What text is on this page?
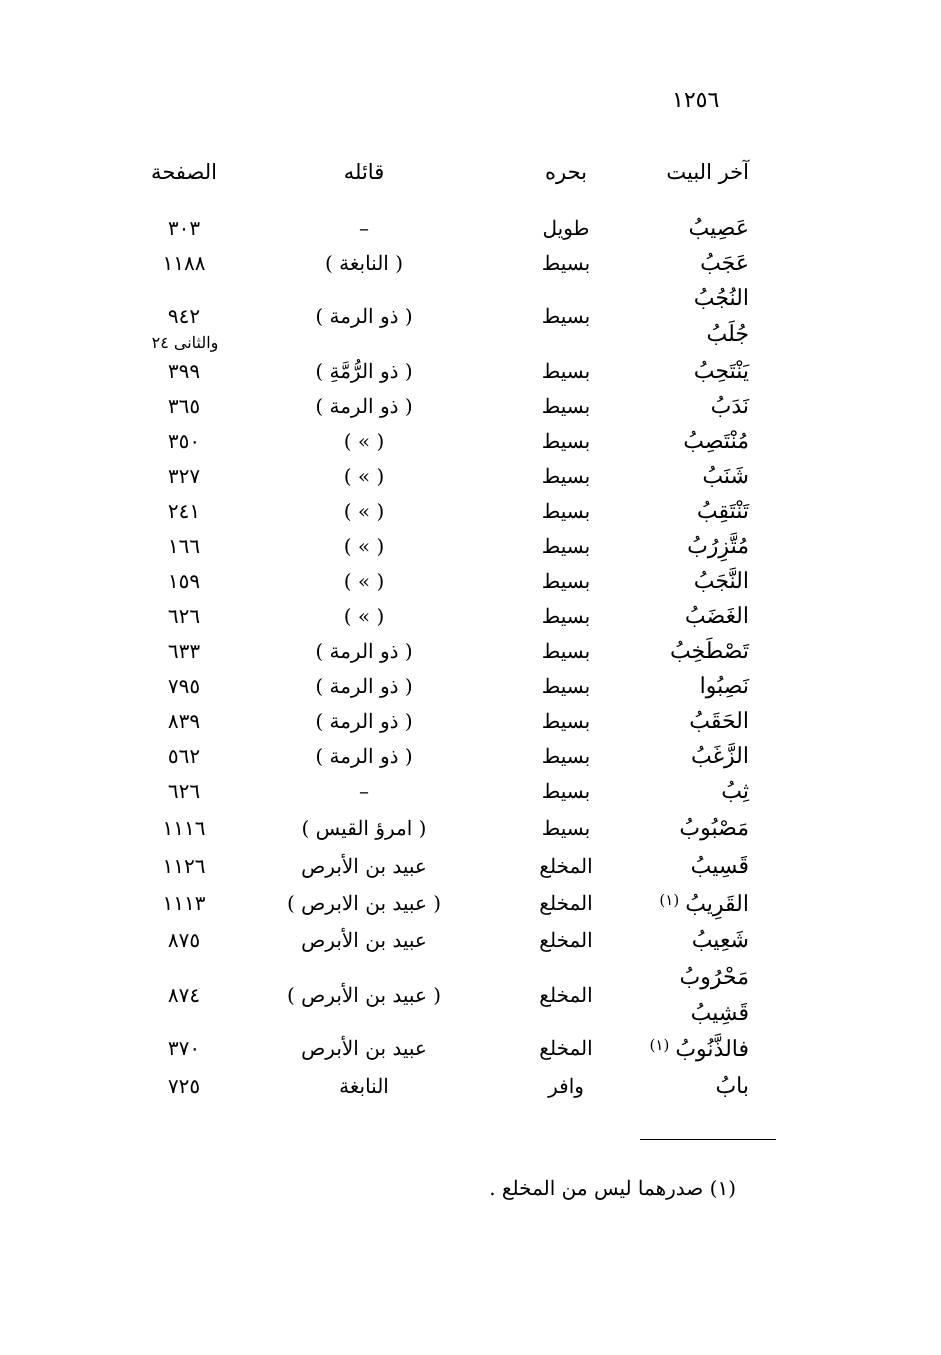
١٢٥٦
آخر البيت
بحره
قائله
الصفحة
عَصِيبُ
طويل
–
٣٠٣
عَجَبُ
بسيط
( النابغة )
١١٨٨
النُجُبُ
جُلَبُ
بسيط
( ذو الرمة )
٩٤٢
والثانى ٢٤
يَنْتَحِبُ
بسيط
( ذو الرُّمَّةِ )
٣٩٩
نَدَبُ
بسيط
( ذو الرمة )
٣٦٥
مُنْتَصِبُ
بسيط
( » )
٣٥٠
شَنَبُ
بسيط
( » )
٣٢٧
تَنْتَقِبُ
بسيط
( » )
٢٤١
مُتَّزِرُبُ
بسيط
( » )
١٦٦
النَّجَبُ
بسيط
( » )
١٥٩
الغَضَبُ
بسيط
( » )
٦٢٦
تَصْطَخِبُ
بسيط
( ذو الرمة )
٦٣٣
نَصِبُوا
بسيط
( ذو الرمة )
٧٩٥
الحَقَبُ
بسيط
( ذو الرمة )
٨٣٩
الزَّغَبُ
بسيط
( ذو الرمة )
٥٦٢
ثِبُ
بسيط
–
٦٢٦
مَصْبُوبُ
بسيط
( امرؤ القيس )
١١١٦
قَسِيبُ
المخلع
عبيد بن الأبرص
١١٢٦
القَرِيبُ$^{(١)}$
المخلع
( عبيد بن الابرص )
١١١٣
شَعِيبُ
المخلع
عبيد بن الأبرص
٨٧٥
مَحْرُوبُ
قَشِيبُ
المخلع
( عبيد بن الأبرص )
٨٧٤
فالذَّنُوبُ$^{(١)}$
المخلع
عبيد بن الأبرص
٣٧٠
بابُ
وافر
النابغة
٧٢٥
(١) صدرهما ليس من المخلع .
